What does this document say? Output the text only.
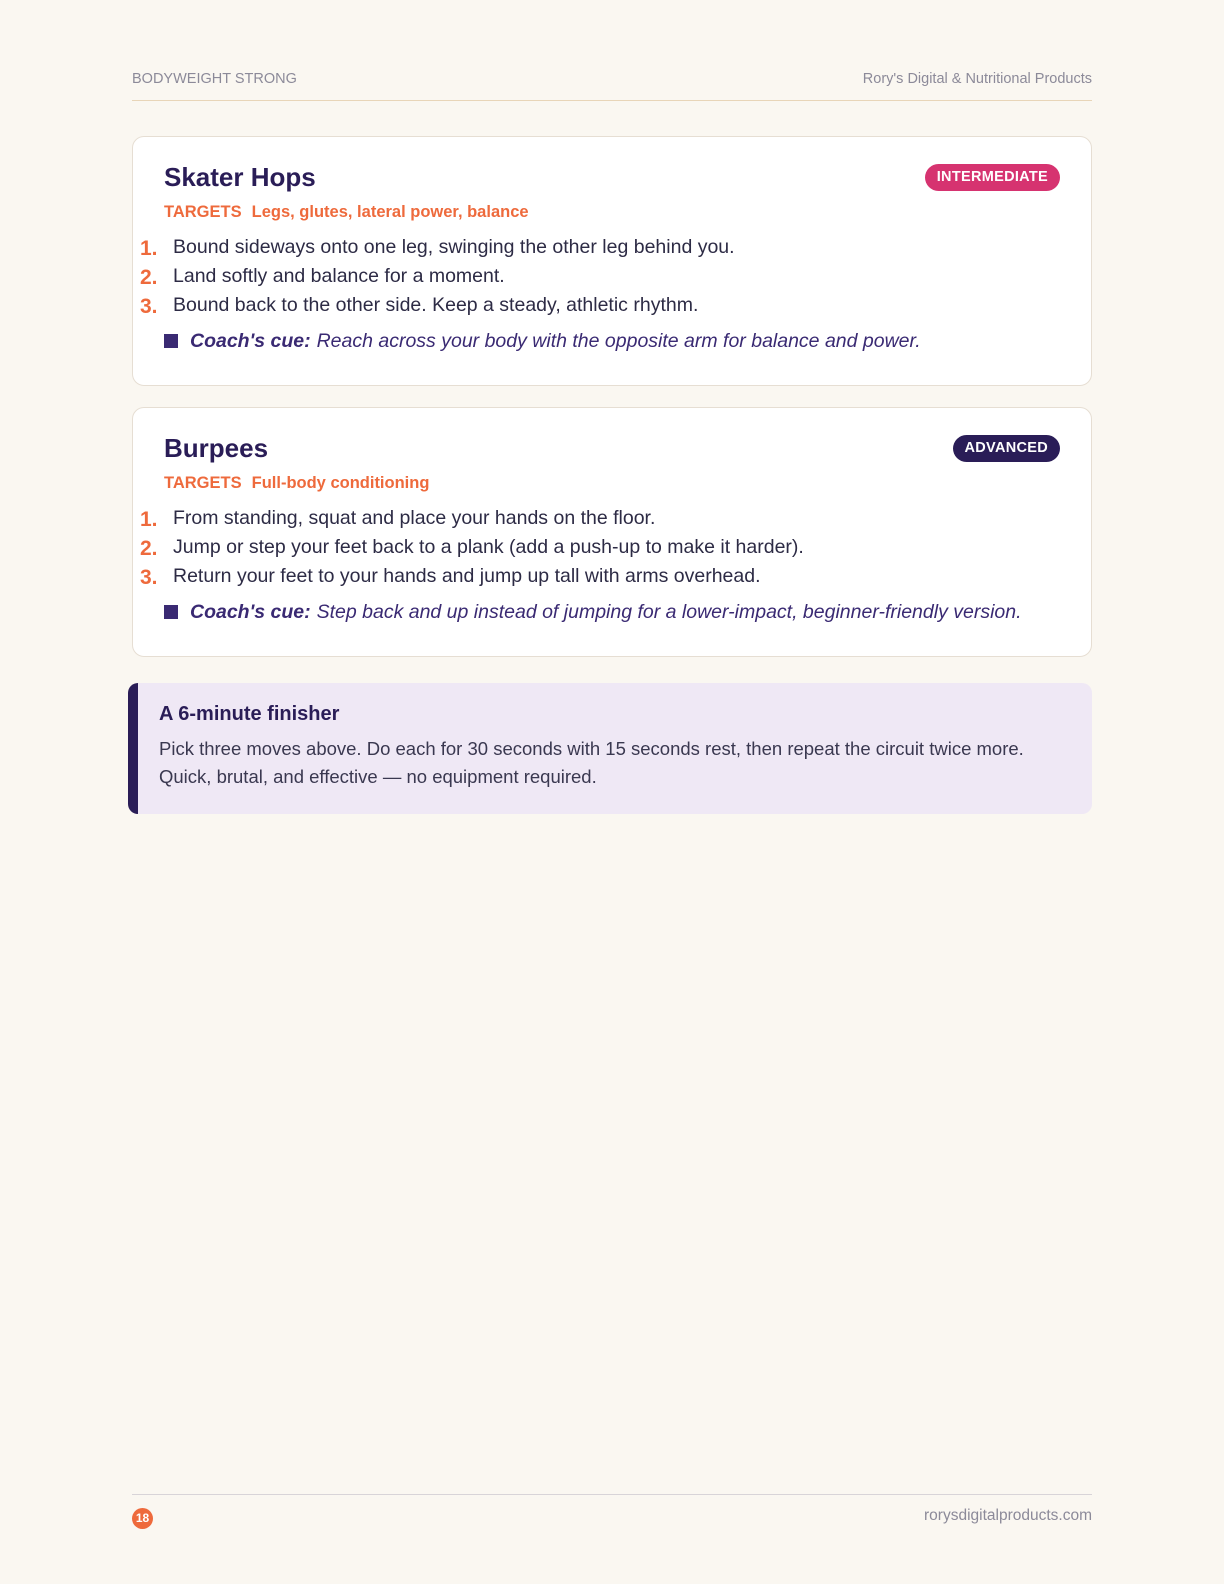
BODYWEIGHT STRONG	Rory's Digital & Nutritional Products
Skater Hops	INTERMEDIATE
TARGETS Legs, glutes, lateral power, balance
1. Bound sideways onto one leg, swinging the other leg behind you.
2. Land softly and balance for a moment.
3. Bound back to the other side. Keep a steady, athletic rhythm.
Coach's cue: Reach across your body with the opposite arm for balance and power.
Burpees	ADVANCED
TARGETS Full-body conditioning
1. From standing, squat and place your hands on the floor.
2. Jump or step your feet back to a plank (add a push-up to make it harder).
3. Return your feet to your hands and jump up tall with arms overhead.
Coach's cue: Step back and up instead of jumping for a lower-impact, beginner-friendly version.
A 6-minute finisher
Pick three moves above. Do each for 30 seconds with 15 seconds rest, then repeat the circuit twice more. Quick, brutal, and effective — no equipment required.
18	rorysdigitalproducts.com
